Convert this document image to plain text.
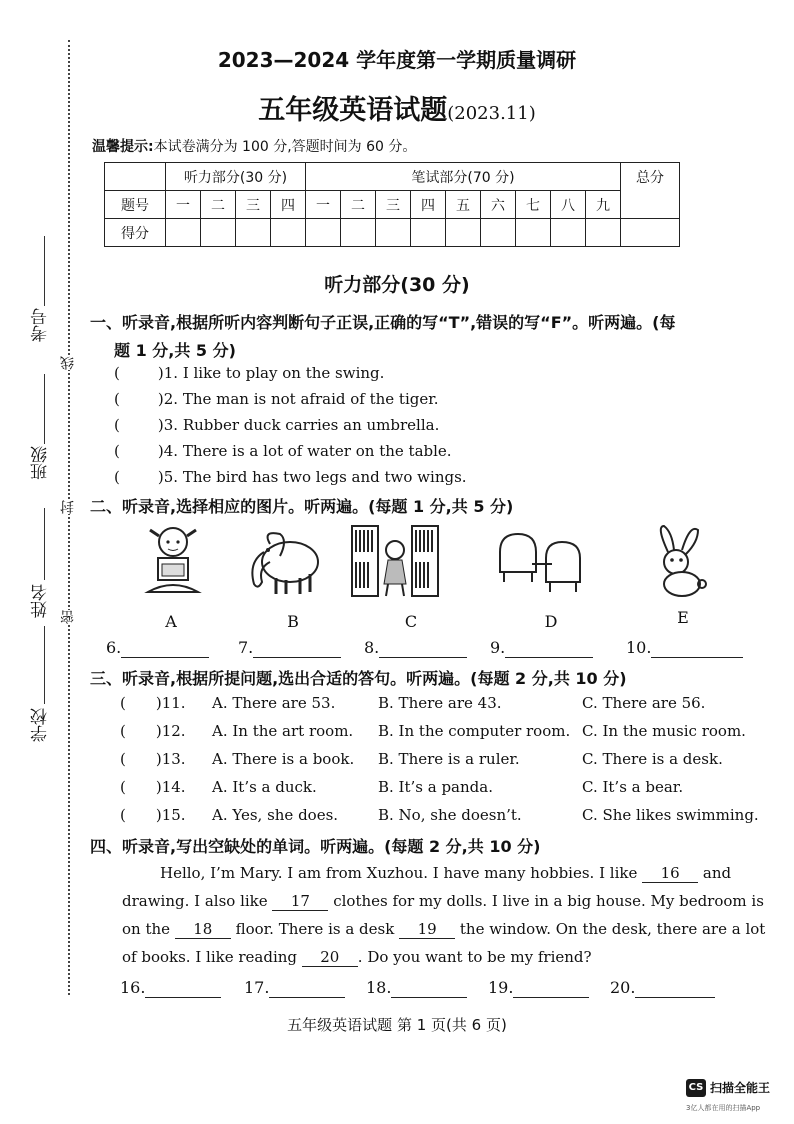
学校
姓名
班级
考号
密
封
线
2023—2024 学年度第一学期质量调研
五年级英语试题(2023.11)
温馨提示:本试卷满分为 100 分,答题时间为 60 分。
	听力部分(30 分)				笔试部分(70 分)									总分
题号	一	二	三	四	一	二	三	四	五	六	七	八	九	
得分														
听力部分(30 分)
一、听录音,根据所听内容判断句子正误,正确的写“T”,错误的写“F”。听两遍。(每
题 1 分,共 5 分)
(	)1. I like to play on the swing.
(	)2. The man is not afraid of the tiger.
(	)3. Rubber duck carries an umbrella.
(	)4. There is a lot of water on the table.
(	)5. The bird has two legs and two wings.
二、听录音,选择相应的图片。听两遍。(每题 1 分,共 5 分)
A	B	C	D	E
6.	7.	8.	9.	10.
三、听录音,根据所提问题,选出合适的答句。听两遍。(每题 2 分,共 10 分)
( )11. A. There are 53.	B. There are 43.	C. There are 56.
( )12. A. In the art room. B. In the computer room. C. In the music room.
( )13. A. There is a book. B. There is a ruler.	C. There is a desk.
( )14. A. It’s a duck.	B. It’s a panda.	C. It’s a bear.
( )15. A. Yes, she does.	B. No, she doesn’t.	C. She likes swimming.
四、听录音,写出空缺处的单词。听两遍。(每题 2 分,共 10 分)
Hello, I’m Mary. I am from Xuzhou. I have many hobbies. I like 16 and
drawing. I also like 17 clothes for my dolls. I live in a big house. My bedroom is
on the 18 floor. There is a desk 19 the window. On the desk, there are a lot
of books. I like reading 20 . Do you want to be my friend?
16.	17.	18.	19.	20.
五年级英语试题 第 1 页(共 6 页)
CS 扫描全能王
3亿人都在用的扫描App
